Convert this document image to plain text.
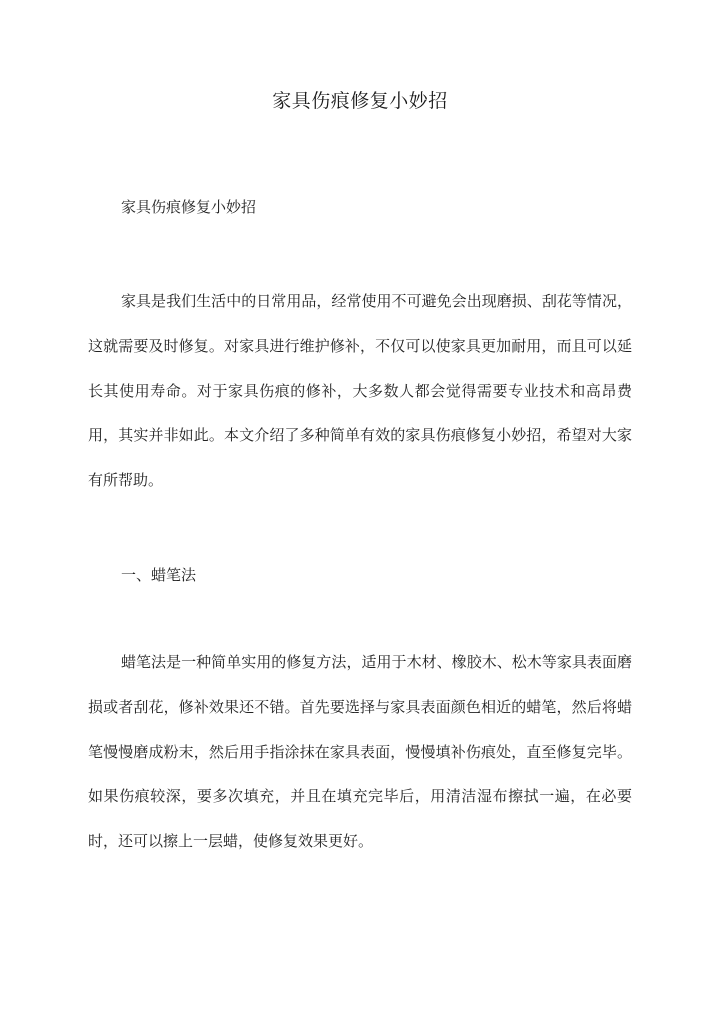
家具伤痕修复小妙招

家具伤痕修复小妙招

家具是我们生活中的日常用品，经常使用不可避免会出现磨损、刮花等情况，这就需要及时修复。对家具进行维护修补，不仅可以使家具更加耐用，而且可以延长其使用寿命。对于家具伤痕的修补，大多数人都会觉得需要专业技术和高昂费用，其实并非如此。本文介绍了多种简单有效的家具伤痕修复小妙招，希望对大家有所帮助。

一、蜡笔法

蜡笔法是一种简单实用的修复方法，适用于木材、橡胶木、松木等家具表面磨损或者刮花，修补效果还不错。首先要选择与家具表面颜色相近的蜡笔，然后将蜡笔慢慢磨成粉末，然后用手指涂抹在家具表面，慢慢填补伤痕处，直至修复完毕。如果伤痕较深，要多次填充，并且在填充完毕后，用清洁湿布擦拭一遍，在必要时，还可以擦上一层蜡，使修复效果更好。
